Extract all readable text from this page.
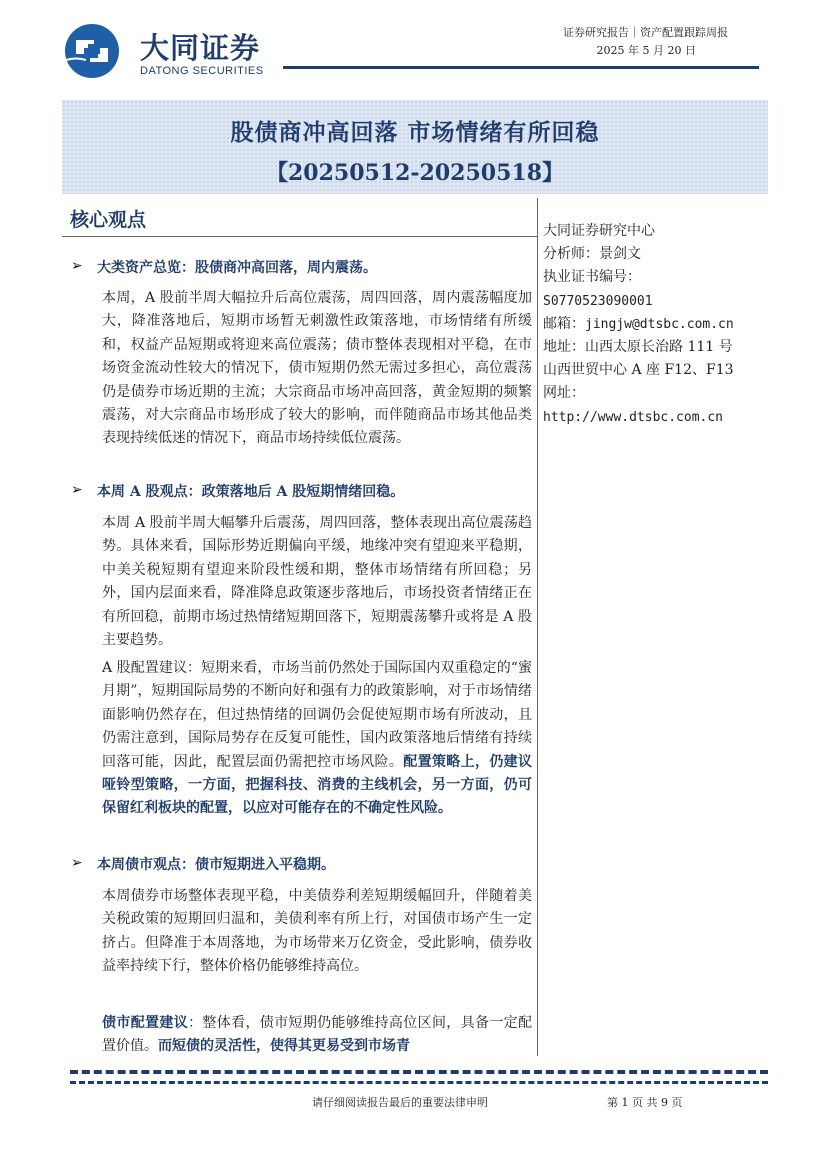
大同证券
DATONG SECURITIES
证券研究报告｜资产配置跟踪周报
2025 年 5 月 20 日
股债商冲高回落 市场情绪有所回稳
【20250512-20250518】
核心观点
➢ 大类资产总览：股债商冲高回落，周内震荡。
本周，A 股前半周大幅拉升后高位震荡，周四回落，周内震荡幅度加大，降准落地后，短期市场暂无刺激性政策落地，市场情绪有所缓和，权益产品短期或将迎来高位震荡；债市整体表现相对平稳，在市场资金流动性较大的情况下，债市短期仍然无需过多担心，高位震荡仍是债券市场近期的主流；大宗商品市场冲高回落，黄金短期的频繁震荡，对大宗商品市场形成了较大的影响，而伴随商品市场其他品类表现持续低迷的情况下，商品市场持续低位震荡。
➢ 本周 A 股观点：政策落地后 A 股短期情绪回稳。
本周 A 股前半周大幅攀升后震荡，周四回落，整体表现出高位震荡趋势。具体来看，国际形势近期偏向平缓，地缘冲突有望迎来平稳期，中美关税短期有望迎来阶段性缓和期，整体市场情绪有所回稳；另外，国内层面来看，降准降息政策逐步落地后，市场投资者情绪正在有所回稳，前期市场过热情绪短期回落下，短期震荡攀升或将是 A 股主要趋势。
A 股配置建议：短期来看，市场当前仍然处于国际国内双重稳定的“蜜月期”，短期国际局势的不断向好和强有力的政策影响，对于市场情绪面影响仍然存在，但过热情绪的回调仍会促使短期市场有所波动，且仍需注意到，国际局势存在反复可能性，国内政策落地后情绪有持续回落可能，因此，配置层面仍需把控市场风险。配置策略上，仍建议哑铃型策略，一方面，把握科技、消费的主线机会，另一方面，仍可保留红利板块的配置，以应对可能存在的不确定性风险。
➢ 本周债市观点：债市短期进入平稳期。
本周债券市场整体表现平稳，中美债券利差短期缓幅回升，伴随着美关税政策的短期回归温和，美债利率有所上行，对国债市场产生一定挤占。但降准于本周落地，为市场带来万亿资金，受此影响，债券收益率持续下行，整体价格仍能够维持高位。
债市配置建议：整体看，债市短期仍能够维持高位区间，具备一定配置价值。而短债的灵活性，使得其更易受到市场青
大同证券研究中心
分析师：景剑文
执业证书编号：
S0770523090001
邮箱：jingjw@dtsbc.com.cn
地址：山西太原长治路 111 号
山西世贸中心 A 座 F12、F13
网址：
http://www.dtsbc.com.cn
请仔细阅读报告最后的重要法律申明	第 1 页 共 9 页
